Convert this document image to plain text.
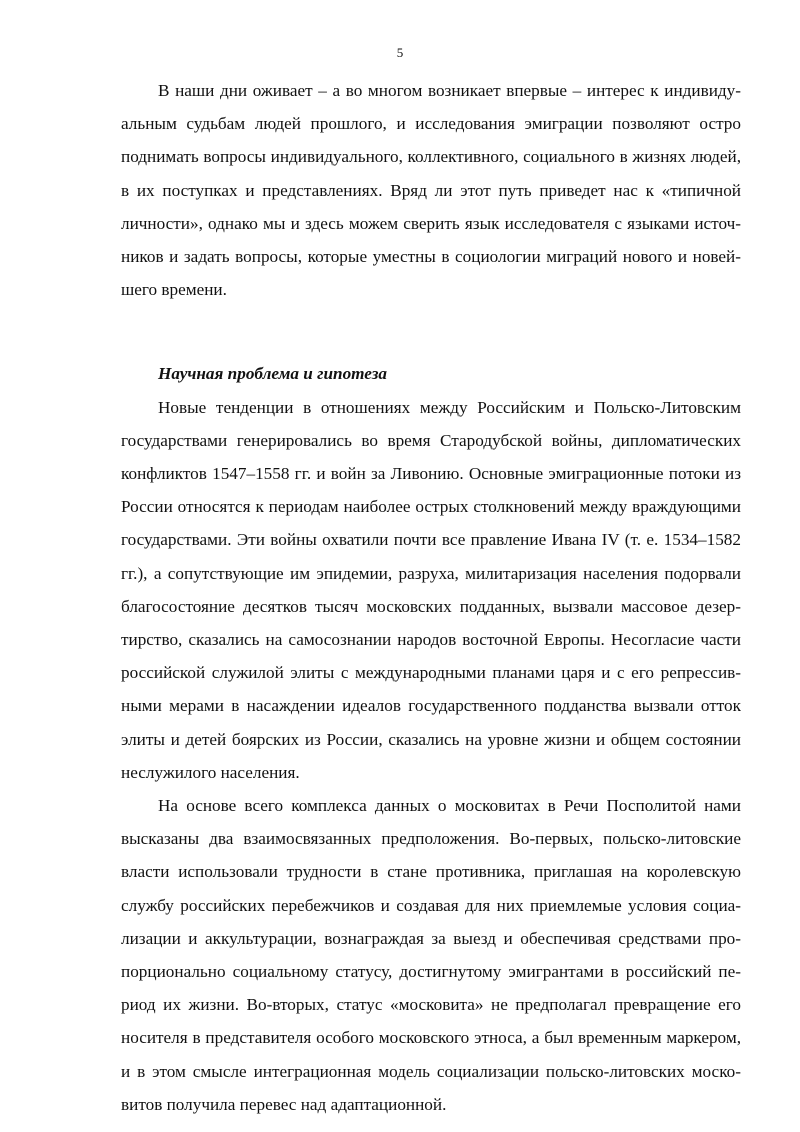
5

В наши дни оживает – а во многом возникает впервые – интерес к индивидуальным судьбам людей прошлого, и исследования эмиграции позволяют остро поднимать вопросы индивидуального, коллективного, социального в жизнях людей, в их поступках и представлениях. Вряд ли этот путь приведет нас к «типичной личности», однако мы и здесь можем сверить язык исследователя с языками источников и задать вопросы, которые уместны в социологии миграций нового и новейшего времени.

Научная проблема и гипотеза

Новые тенденции в отношениях между Российским и Польско-Литовским государствами генерировались во время Стародубской войны, дипломатических конфликтов 1547–1558 гг. и войн за Ливонию. Основные эмиграционные потоки из России относятся к периодам наиболее острых столкновений между враждующими государствами. Эти войны охватили почти все правление Ивана IV (т. е. 1534–1582 гг.), а сопутствующие им эпидемии, разруха, милитаризация населения подорвали благосостояние десятков тысяч московских подданных, вызвали массовое дезертирство, сказались на самосознании народов восточной Европы. Несогласие части российской служилой элиты с международными планами царя и с его репрессивными мерами в насаждении идеалов государственного подданства вызвали отток элиты и детей боярских из России, сказались на уровне жизни и общем состоянии неслужилого населения.

На основе всего комплекса данных о московитах в Речи Посполитой нами высказаны два взаимосвязанных предположения. Во-первых, польско-литовские власти использовали трудности в стане противника, приглашая на королевскую службу российских перебежчиков и создавая для них приемлемые условия социализации и аккультурации, вознаграждая за выезд и обеспечивая средствами пропорционально социальному статусу, достигнутому эмигрантами в российский период их жизни. Во-вторых, статус «московита» не предполагал превращение его носителя в представителя особого московского этноса, а был временным маркером, и в этом смысле интеграционная модель социализации польско-литовских московитов получила перевес над адаптационной.
